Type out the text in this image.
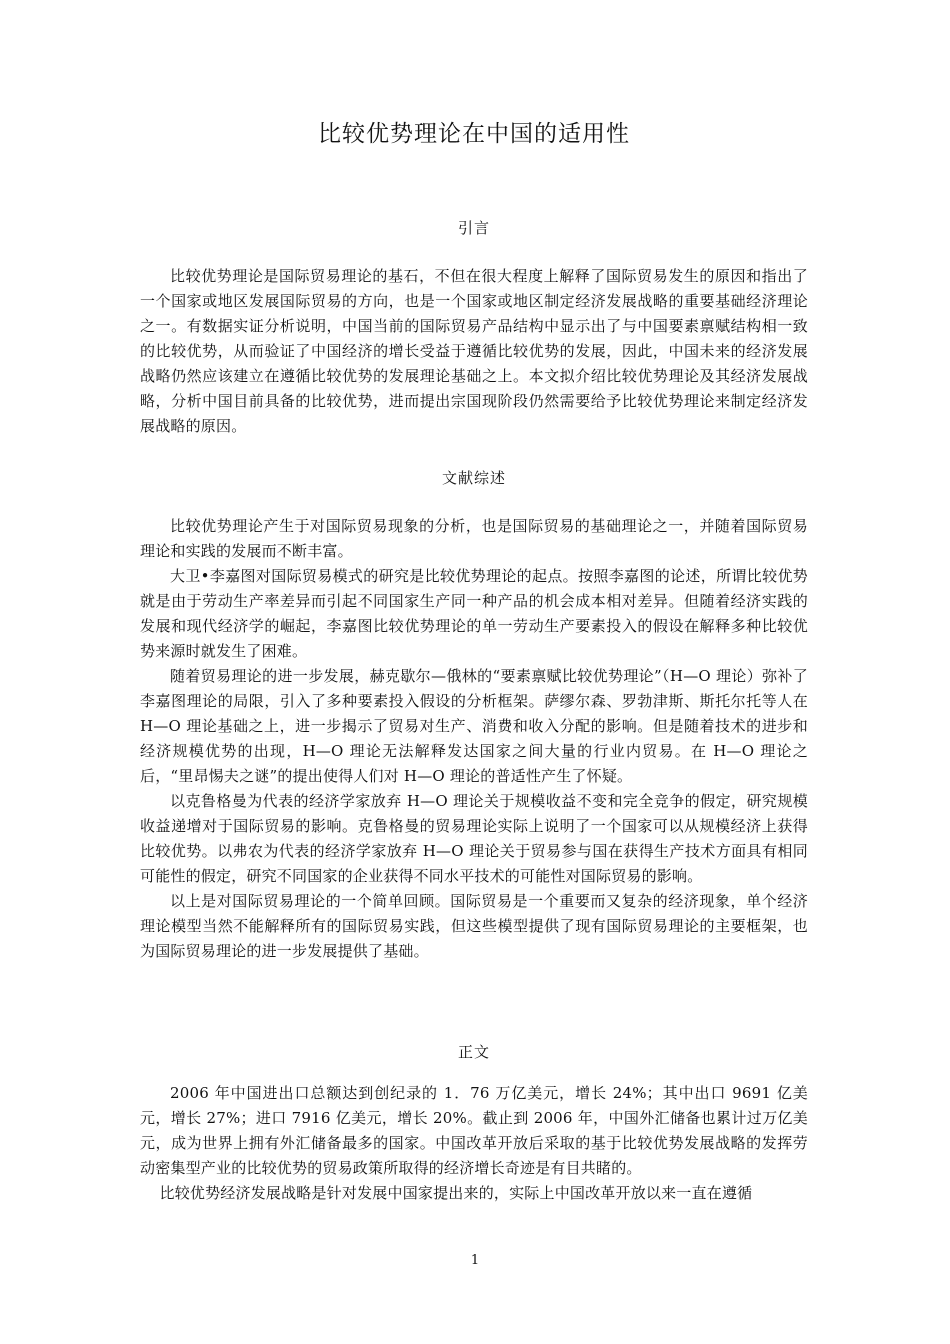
比较优势理论在中国的适用性
引言

比较优势理论是国际贸易理论的基石，不但在很大程度上解释了国际贸易发生的原因和指出了一个国家或地区发展国际贸易的方向，也是一个国家或地区制定经济发展战略的重要基础经济理论之一。有数据实证分析说明，中国当前的国际贸易产品结构中显示出了与中国要素禀赋结构相一致的比较优势，从而验证了中国经济的增长受益于遵循比较优势的发展，因此，中国未来的经济发展战略仍然应该建立在遵循比较优势的发展理论基础之上。本文拟介绍比较优势理论及其经济发展战略，分析中国目前具备的比较优势，进而提出宗国现阶段仍然需要给予比较优势理论来制定经济发展战略的原因。

文献综述

比较优势理论产生于对国际贸易现象的分析，也是国际贸易的基础理论之一，并随着国际贸易理论和实践的发展而不断丰富。

大卫•李嘉图对国际贸易模式的研究是比较优势理论的起点。按照李嘉图的论述，所谓比较优势就是由于劳动生产率差异而引起不同国家生产同一种产品的机会成本相对差异。但随着经济实践的发展和现代经济学的崛起，李嘉图比较优势理论的单一劳动生产要素投入的假设在解释多种比较优势来源时就发生了困难。

随着贸易理论的进一步发展，赫克歇尔—俄林的“要素禀赋比较优势理论”（H—O 理论）弥补了李嘉图理论的局限，引入了多种要素投入假设的分析框架。萨缪尔森、罗勃津斯、斯托尔托等人在 H—O 理论基础之上，进一步揭示了贸易对生产、消费和收入分配的影响。但是随着技术的进步和经济规模优势的出现，H—O 理论无法解释发达国家之间大量的行业内贸易。在 H—O 理论之后，“里昂惕夫之谜”的提出使得人们对 H—O 理论的普适性产生了怀疑。

以克鲁格曼为代表的经济学家放弃 H—O 理论关于规模收益不变和完全竞争的假定，研究规模收益递增对于国际贸易的影响。克鲁格曼的贸易理论实际上说明了一个国家可以从规模经济上获得比较优势。以弗农为代表的经济学家放弃 H—O 理论关于贸易参与国在获得生产技术方面具有相同可能性的假定，研究不同国家的企业获得不同水平技术的可能性对国际贸易的影响。

以上是对国际贸易理论的一个简单回顾。国际贸易是一个重要而又复杂的经济现象，单个经济理论模型当然不能解释所有的国际贸易实践，但这些模型提供了现有国际贸易理论的主要框架，也为国际贸易理论的进一步发展提供了基础。

正文

2006 年中国进出口总额达到创纪录的 1．76 万亿美元，增长 24%；其中出口 9691 亿美元，增长 27%；进口 7916 亿美元，增长 20%。截止到 2006 年，中国外汇储备也累计过万亿美元，成为世界上拥有外汇储备最多的国家。中国改革开放后采取的基于比较优势发展战略的发挥劳动密集型产业的比较优势的贸易政策所取得的经济增长奇迹是有目共睹的。

比较优势经济发展战略是针对发展中国家提出来的，实际上中国改革开放以来一直在遵循

1
